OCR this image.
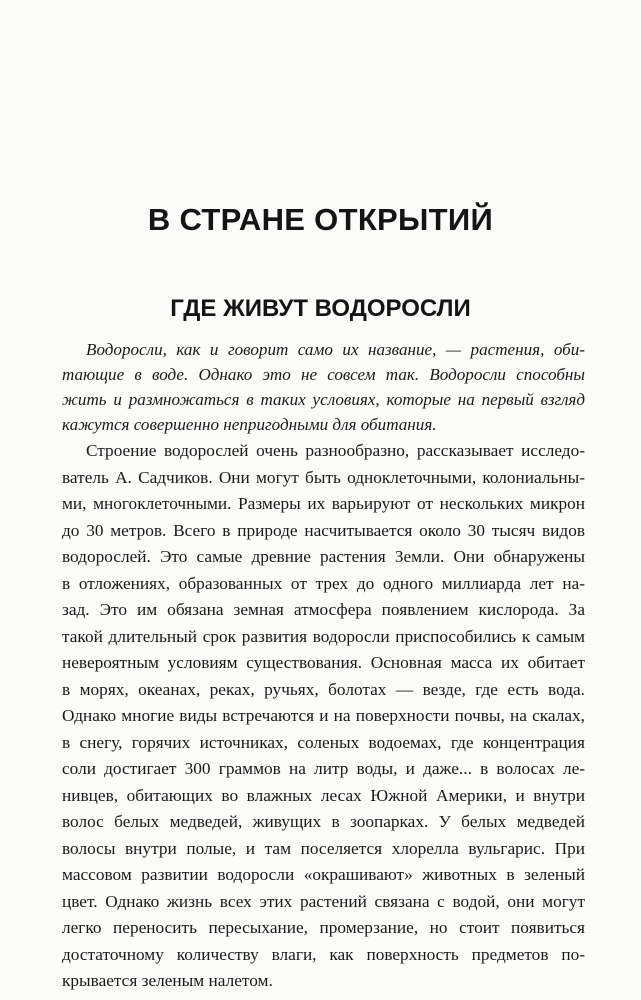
В СТРАНЕ ОТКРЫТИЙ
ГДЕ ЖИВУТ ВОДОРОСЛИ
Водоросли, как и говорит само их название, — растения, оби-
тающие в воде. Однако это не совсем так. Водоросли способны
жить и размножаться в таких условиях, которые на первый взгляд
кажутся совершенно непригодными для обитания.
Строение водорослей очень разнообразно, рассказывает исследо-
ватель А. Садчиков. Они могут быть одноклеточными, колониальны-
ми, многоклеточными. Размеры их варьируют от нескольких микрон
до 30 метров. Всего в природе насчитывается около 30 тысяч видов
водорослей. Это самые древние растения Земли. Они обнаружены
в отложениях, образованных от трех до одного миллиарда лет на-
зад. Это им обязана земная атмосфера появлением кислорода. За
такой длительный срок развития водоросли приспособились к самым
невероятным условиям существования. Основная масса их обитает
в морях, океанах, реках, ручьях, болотах — везде, где есть вода.
Однако многие виды встречаются и на поверхности почвы, на скалах,
в снегу, горячих источниках, соленых водоемах, где концентрация
соли достигает 300 граммов на литр воды, и даже... в волосах ле-
нивцев, обитающих во влажных лесах Южной Америки, и внутри
волос белых медведей, живущих в зоопарках. У белых медведей
волосы внутри полые, и там поселяется хлорелла вульгарис. При
массовом развитии водоросли «окрашивают» животных в зеленый
цвет. Однако жизнь всех этих растений связана с водой, они могут
легко переносить пересыхание, промерзание, но стоит появиться
достаточному количеству влаги, как поверхность предметов по-
крывается зеленым налетом.
